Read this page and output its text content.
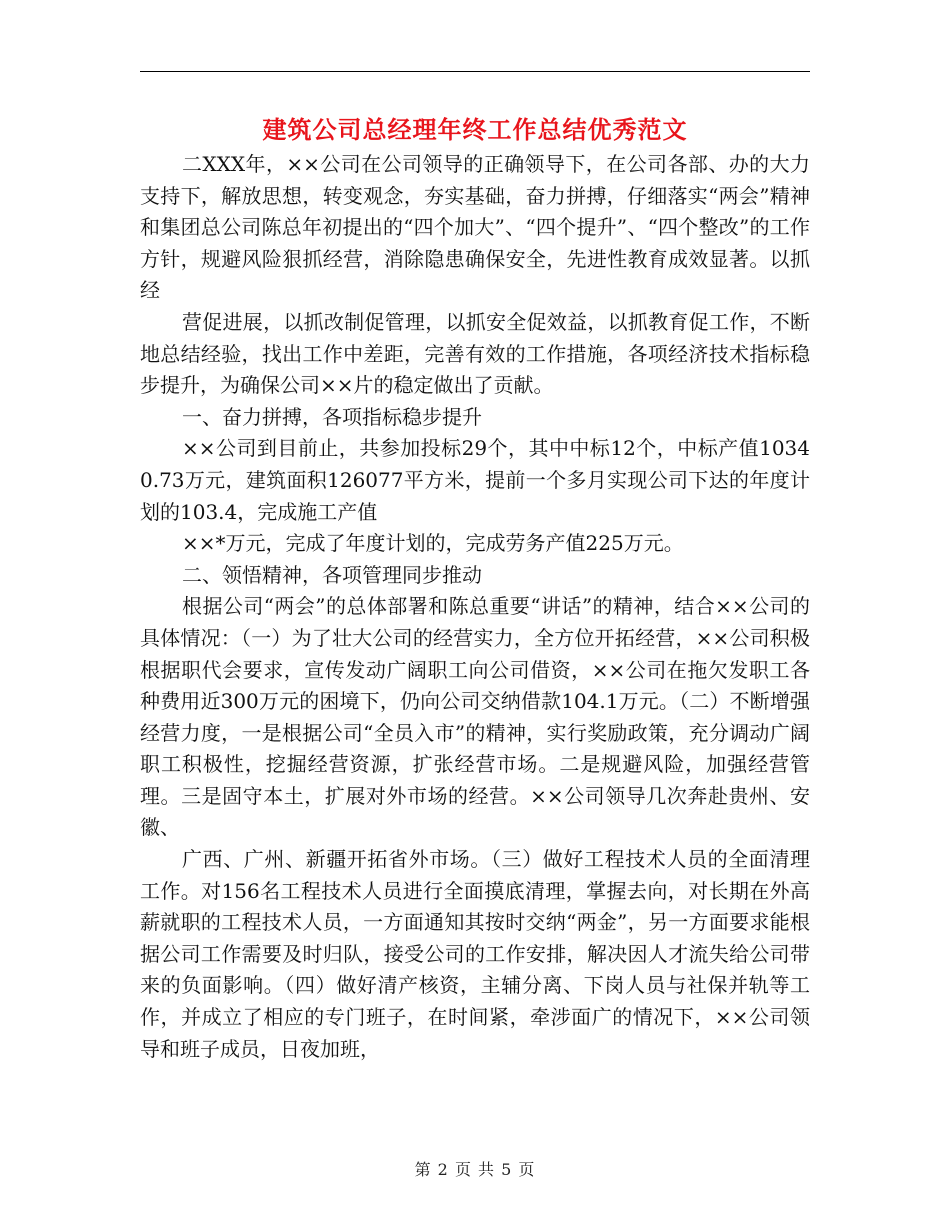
建筑公司总经理年终工作总结优秀范文

二XXX年，××公司在公司领导的正确领导下，在公司各部、办的大力支持下，解放思想，转变观念，夯实基础，奋力拼搏，仔细落实“两会”精神和集团总公司陈总年初提出的“四个加大”、“四个提升”、“四个整改”的工作方针，规避风险狠抓经营，消除隐患确保安全，先进性教育成效显著。以抓经

营促进展，以抓改制促管理，以抓安全促效益，以抓教育促工作，不断地总结经验，找出工作中差距，完善有效的工作措施，各项经济技术指标稳步提升，为确保公司××片的稳定做出了贡献。

一、奋力拼搏，各项指标稳步提升

××公司到目前止，共参加投标29个，其中中标12个，中标产值10340.73万元，建筑面积126077平方米，提前一个多月实现公司下达的年度计划的103.4，完成施工产值

××*万元，完成了年度计划的，完成劳务产值225万元。

二、领悟精神，各项管理同步推动

根据公司“两会”的总体部署和陈总重要“讲话”的精神，结合××公司的具体情况：（一）为了壮大公司的经营实力，全方位开拓经营，××公司积极根据职代会要求，宣传发动广阔职工向公司借资，××公司在拖欠发职工各种费用近300万元的困境下，仍向公司交纳借款104.1万元。（二）不断增强经营力度，一是根据公司“全员入市”的精神，实行奖励政策，充分调动广阔职工积极性，挖掘经营资源，扩张经营市场。二是规避风险，加强经营管理。三是固守本土，扩展对外市场的经营。××公司领导几次奔赴贵州、安徽、

广西、广州、新疆开拓省外市场。（三）做好工程技术人员的全面清理工作。对156名工程技术人员进行全面摸底清理，掌握去向，对长期在外高薪就职的工程技术人员，一方面通知其按时交纳“两金”，另一方面要求能根据公司工作需要及时归队，接受公司的工作安排，解决因人才流失给公司带来的负面影响。（四）做好清产核资，主辅分离、下岗人员与社保并轨等工作，并成立了相应的专门班子，在时间紧，牵涉面广的情况下，××公司领导和班子成员，日夜加班，

第 2 页 共 5 页
